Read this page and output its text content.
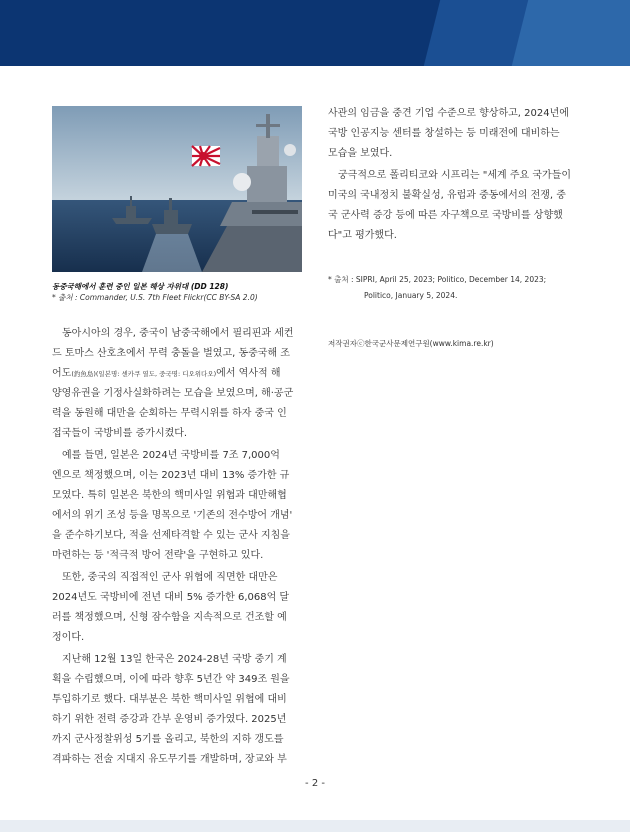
동중국해에서 훈련 중인 일본 해상 자위대 (DD 128)
* 출처 : Commander, U.S. 7th Fleet Flickr(CC BY-SA 2.0)
동아시아의 경우, 중국이 남중국해에서 필리핀과 세컨
드 토마스 산호초에서 무력 충돌을 벌였고, 동중국해 조
어도(釣魚島)(일본명: 센카쿠 열도, 중국명: 디오위다오)에서 역사적 해
양영유권을 기정사실화하려는 모습을 보였으며, 해·공군
력을 동원해 대만을 순회하는 무력시위를 하자 중국 인
접국들이 국방비를 증가시켰다.
예를 들면, 일본은 2024년 국방비를 7조 7,000억
엔으로 책정했으며, 이는 2023년 대비 13% 증가한 규
모였다. 특히 일본은 북한의 핵미사일 위협과 대만해협
에서의 위기 조성 등을 명목으로 '기존의 전수방어 개념'
을 준수하기보다, 적을 선제타격할 수 있는 군사 지침을
마련하는 등 '적극적 방어 전략'을 구현하고 있다.
또한, 중국의 직접적인 군사 위협에 직면한 대만은
2024년도 국방비에 전년 대비 5% 증가한 6,068억 달
러를 책정했으며, 신형 잠수함을 지속적으로 건조할 예
정이다.
지난해 12월 13일 한국은 2024-28년 국방 중기 계
획을 수립했으며, 이에 따라 향후 5년간 약 349조 원을
투입하기로 했다. 대부분은 북한 핵미사일 위협에 대비
하기 위한 전력 증강과 간부 운영비 증가였다. 2025년
까지 군사정찰위성 5기를 올리고, 북한의 지하 갱도를
격파하는 전술 지대지 유도무기를 개발하며, 장교와 부
사관의 임금을 중견 기업 수준으로 향상하고, 2024년에
국방 인공지능 센터를 창설하는 등 미래전에 대비하는
모습을 보였다.
궁극적으로 폴리티코와 시프리는 "세계 주요 국가들이
미국의 국내정치 불확실성, 유럽과 중동에서의 전쟁, 중
국 군사력 증강 등에 따른 자구책으로 국방비를 상향했
다"고 평가했다.
* 출처 : SIPRI, April 25, 2023; Politico, December 14, 2023;
Politico, January 5, 2024.
저작권자ⓒ한국군사문제연구원(www.kima.re.kr)
- 2 -
